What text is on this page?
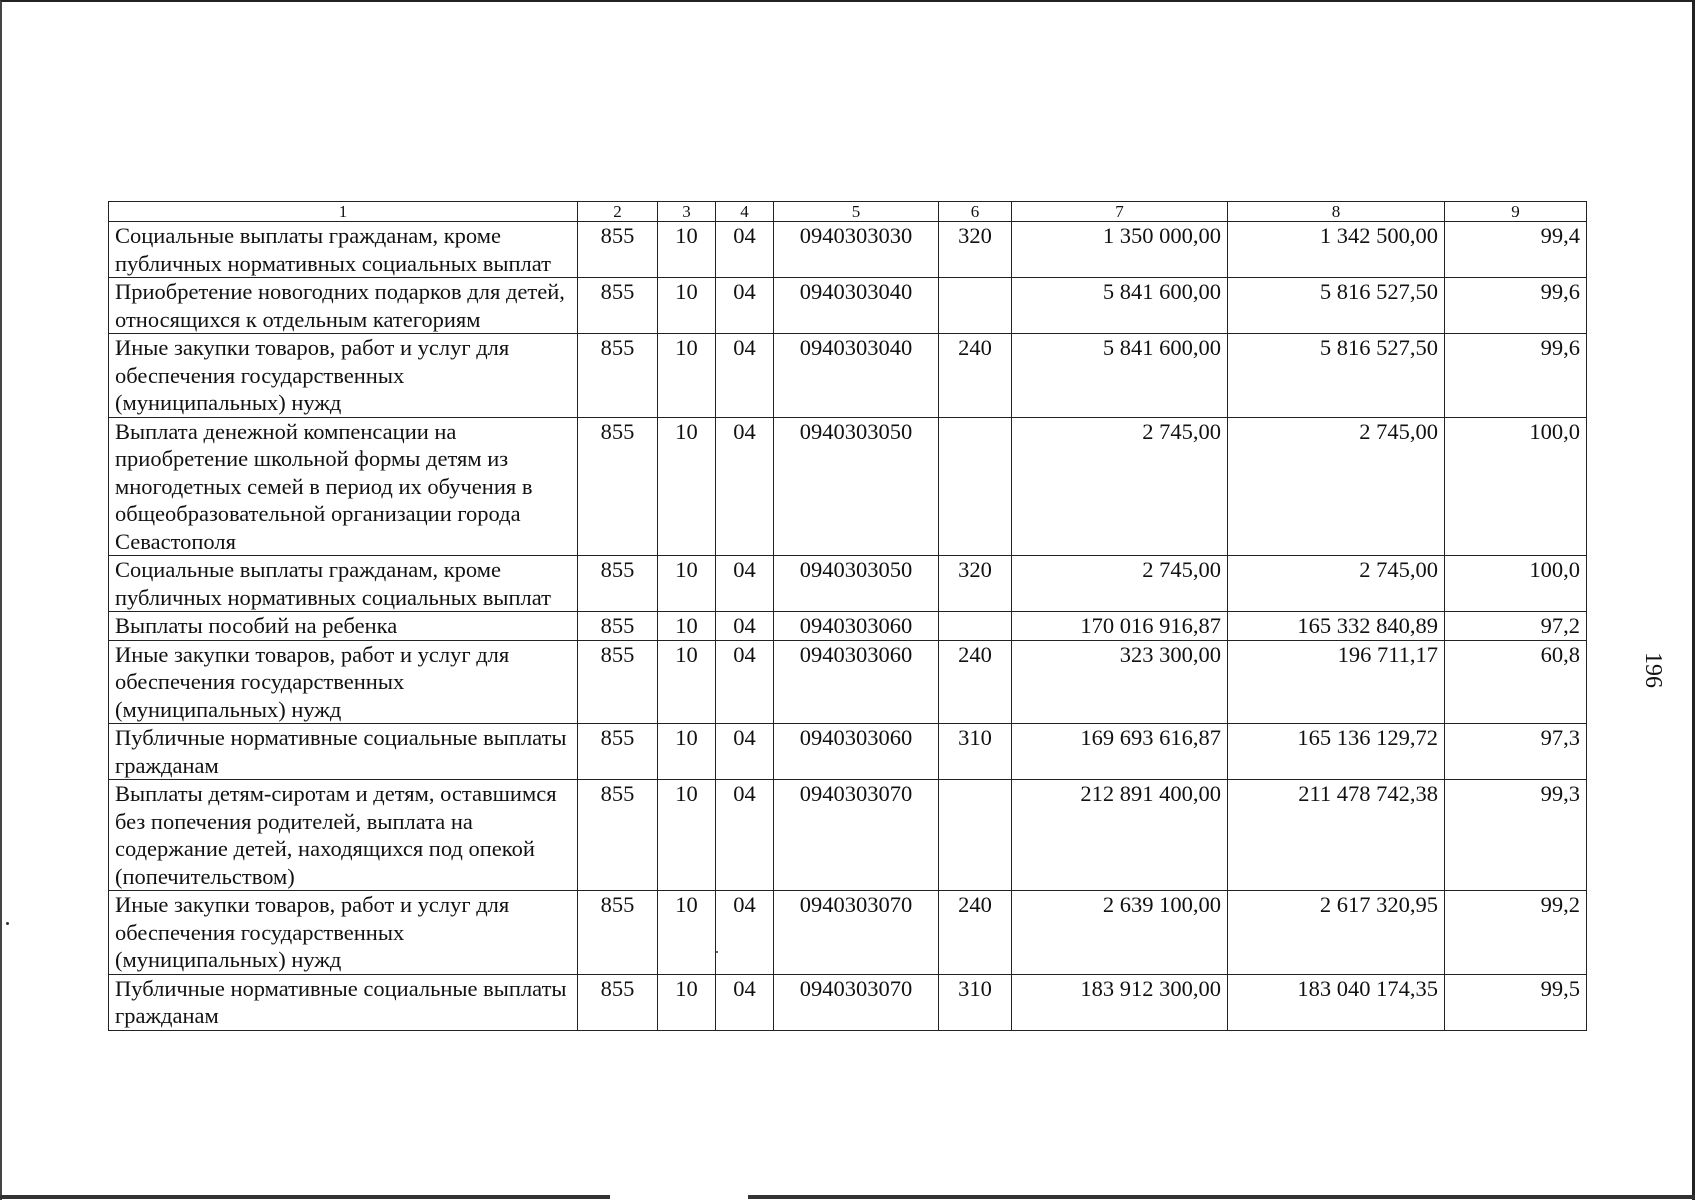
196
1	2	3	4	5	6	7	8	9
Социальные выплаты гражданам, кроме публичных нормативных социальных выплат	855	10	04	0940303030	320	1 350 000,00	1 342 500,00	99,4
Приобретение новогодних подарков для детей, относящихся к отдельным категориям	855	10	04	0940303040		5 841 600,00	5 816 527,50	99,6
Иные закупки товаров, работ и услуг для обеспечения государственных (муниципальных) нужд	855	10	04	0940303040	240	5 841 600,00	5 816 527,50	99,6
Выплата денежной компенсации на приобретение школьной формы детям из многодетных семей в период их обучения в общеобразовательной организации города Севастополя	855	10	04	0940303050		2 745,00	2 745,00	100,0
Социальные выплаты гражданам, кроме публичных нормативных социальных выплат	855	10	04	0940303050	320	2 745,00	2 745,00	100,0
Выплаты пособий на ребенка	855	10	04	0940303060		170 016 916,87	165 332 840,89	97,2
Иные закупки товаров, работ и услуг для обеспечения государственных (муниципальных) нужд	855	10	04	0940303060	240	323 300,00	196 711,17	60,8
Публичные нормативные социальные выплаты гражданам	855	10	04	0940303060	310	169 693 616,87	165 136 129,72	97,3
Выплаты детям-сиротам и детям, оставшимся без попечения родителей, выплата на содержание детей, находящихся под опекой (попечительством)	855	10	04	0940303070		212 891 400,00	211 478 742,38	99,3
Иные закупки товаров, работ и услуг для обеспечения государственных (муниципальных) нужд	855	10	04	0940303070	240	2 639 100,00	2 617 320,95	99,2
Публичные нормативные социальные выплаты гражданам	855	10	04	0940303070	310	183 912 300,00	183 040 174,35	99,5
